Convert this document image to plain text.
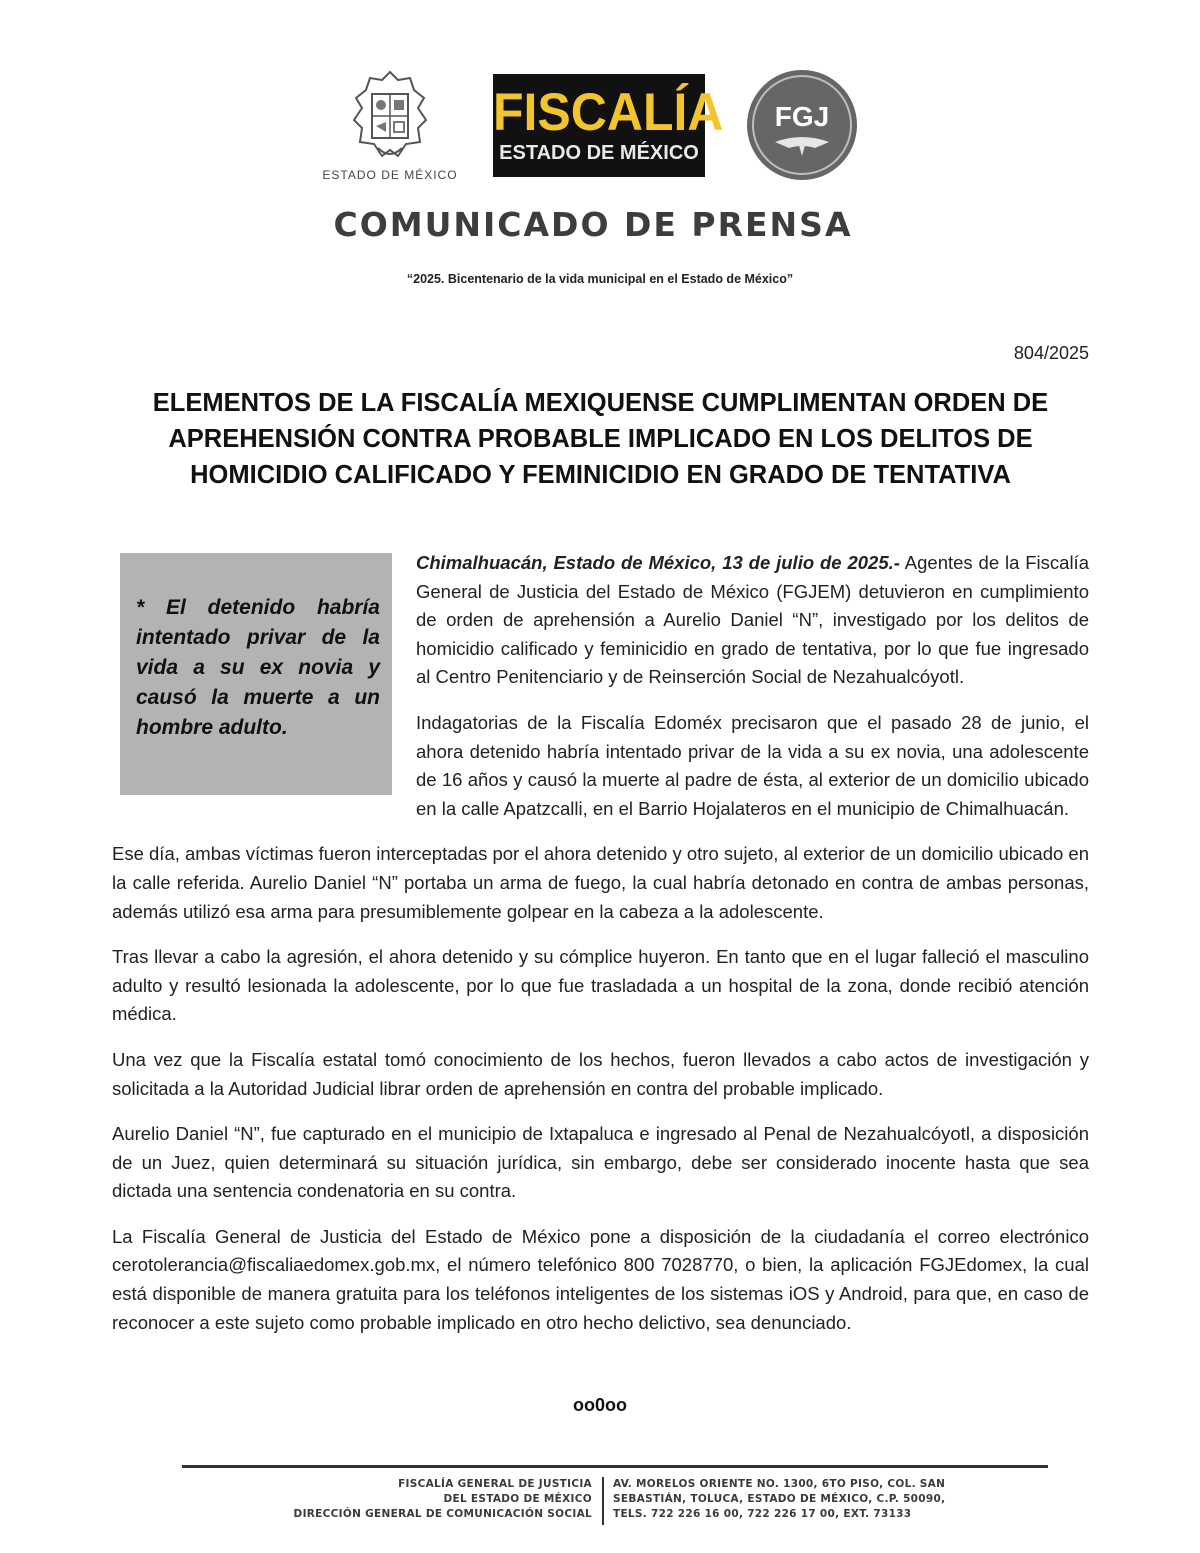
ESTADO DE MÉXICO
FISCALÍA
ESTADO DE MÉXICO
FGJ
COMUNICADO DE PRENSA
“2025. Bicentenario de la vida municipal en el Estado de México”
804/2025
ELEMENTOS DE LA FISCALÍA MEXIQUENSE CUMPLIMENTAN ORDEN DE APREHENSIÓN CONTRA PROBABLE IMPLICADO EN LOS DELITOS DE HOMICIDIO CALIFICADO Y FEMINICIDIO EN GRADO DE TENTATIVA
* El detenido habría intentado privar de la vida a su ex novia y causó la muerte a un hombre adulto.

Chimalhuacán, Estado de México, 13 de julio de 2025.- Agentes de la Fiscalía General de Justicia del Estado de México (FGJEM) detuvieron en cumplimiento de orden de aprehensión a Aurelio Daniel “N”, investigado por los delitos de homicidio calificado y feminicidio en grado de tentativa, por lo que fue ingresado al Centro Penitenciario y de Reinserción Social de Nezahualcóyotl.

Indagatorias de la Fiscalía Edoméx precisaron que el pasado 28 de junio, el ahora detenido habría intentado privar de la vida a su ex novia, una adolescente de 16 años y causó la muerte al padre de ésta, al exterior de un domicilio ubicado en la calle Apatzcalli, en el Barrio Hojalateros en el municipio de Chimalhuacán.

Ese día, ambas víctimas fueron interceptadas por el ahora detenido y otro sujeto, al exterior de un domicilio ubicado en la calle referida. Aurelio Daniel “N” portaba un arma de fuego, la cual habría detonado en contra de ambas personas, además utilizó esa arma para presumiblemente golpear en la cabeza a la adolescente.

Tras llevar a cabo la agresión, el ahora detenido y su cómplice huyeron. En tanto que en el lugar falleció el masculino adulto y resultó lesionada la adolescente, por lo que fue trasladada a un hospital de la zona, donde recibió atención médica.

Una vez que la Fiscalía estatal tomó conocimiento de los hechos, fueron llevados a cabo actos de investigación y solicitada a la Autoridad Judicial librar orden de aprehensión en contra del probable implicado.

Aurelio Daniel “N”, fue capturado en el municipio de Ixtapaluca e ingresado al Penal de Nezahualcóyotl, a disposición de un Juez, quien determinará su situación jurídica, sin embargo, debe ser considerado inocente hasta que sea dictada una sentencia condenatoria en su contra.

La Fiscalía General de Justicia del Estado de México pone a disposición de la ciudadanía el correo electrónico cerotolerancia@fiscaliaedomex.gob.mx, el número telefónico 800 7028770, o bien, la aplicación FGJEdomex, la cual está disponible de manera gratuita para los teléfonos inteligentes de los sistemas iOS y Android, para que, en caso de reconocer a este sujeto como probable implicado en otro hecho delictivo, sea denunciado.

oo0oo
FISCALÍA GENERAL DE JUSTICIA
DEL ESTADO DE MÉXICO
DIRECCIÓN GENERAL DE COMUNICACIÓN SOCIAL
AV. MORELOS ORIENTE NO. 1300, 6TO PISO, COL. SAN
SEBASTIÁN, TOLUCA, ESTADO DE MÉXICO, C.P. 50090,
TELS. 722 226 16 00, 722 226 17 00, EXT. 73133
